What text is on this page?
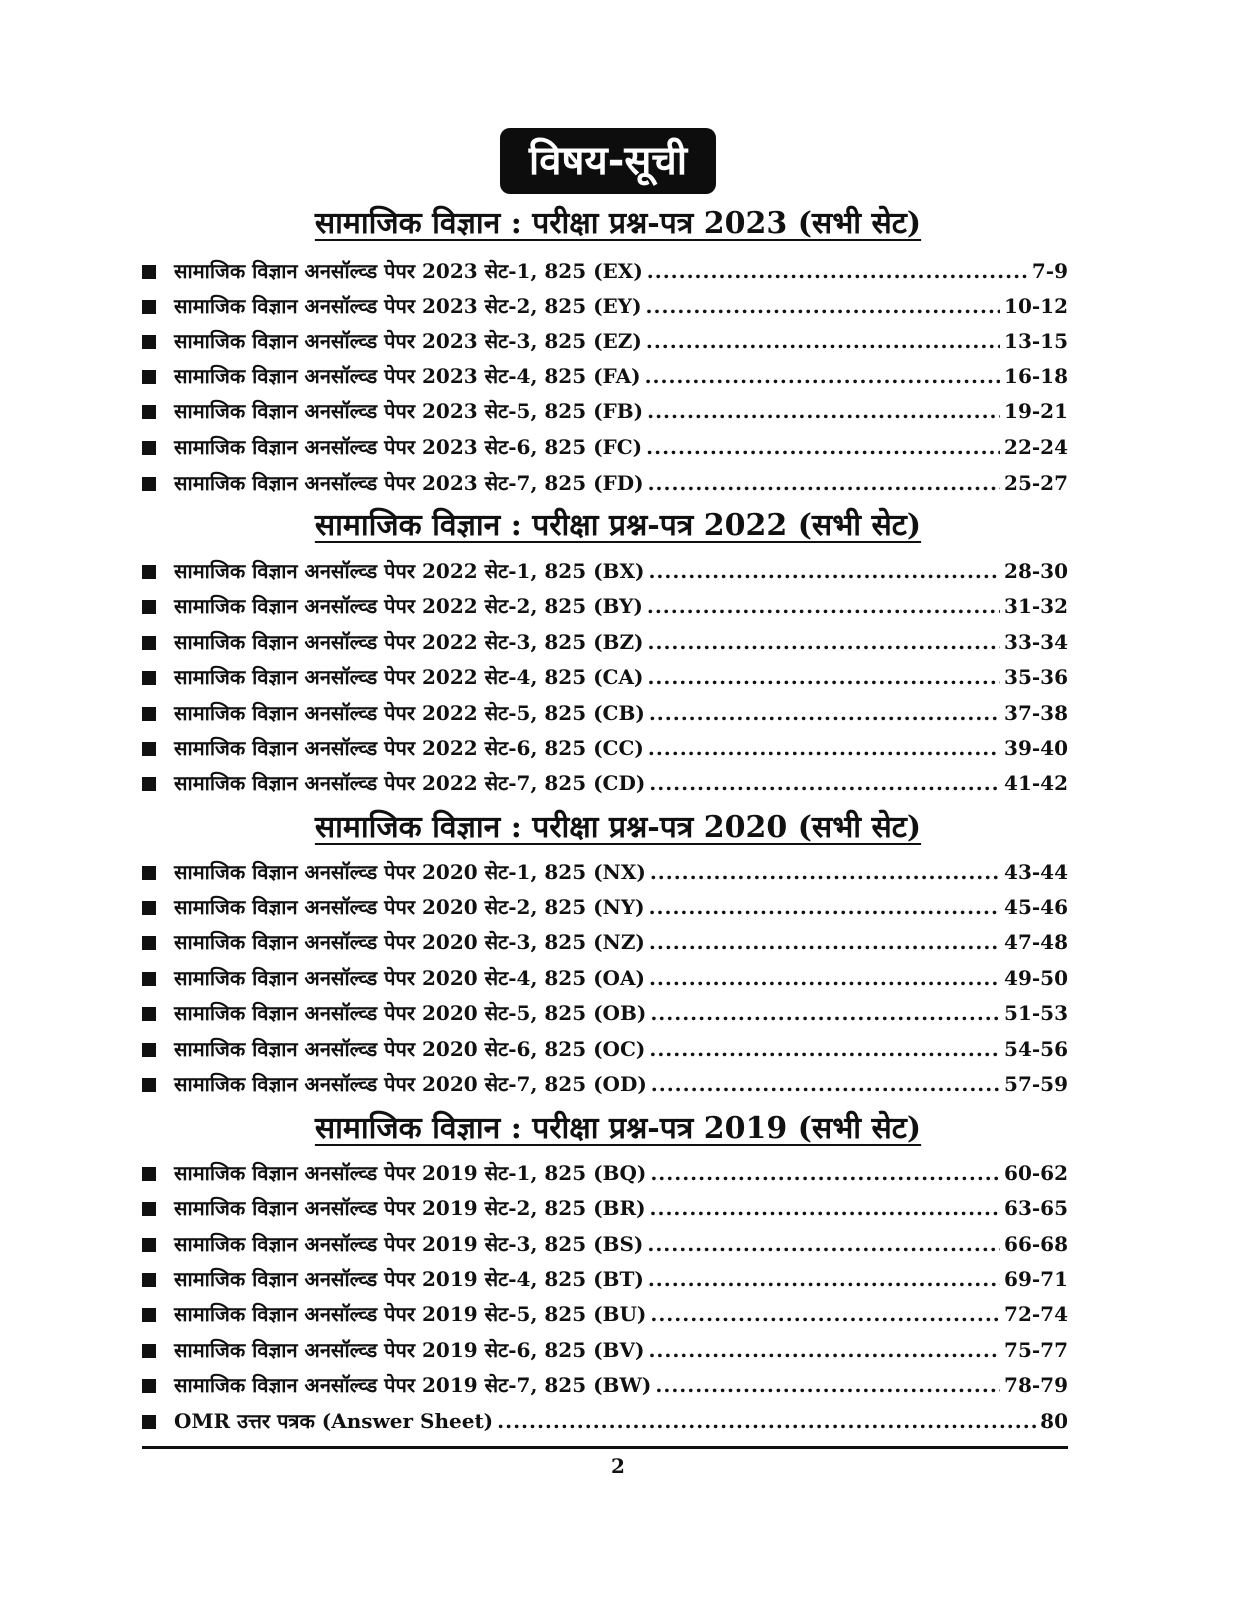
विषय-सूची
सामाजिक विज्ञान : परीक्षा प्रश्न-पत्र 2023 (सभी सेट)
सामाजिक विज्ञान अनसॉल्व्ड पेपर 2023 सेट-1, 825 (EX) .....	7-9
सामाजिक विज्ञान अनसॉल्व्ड पेपर 2023 सेट-2, 825 (EY) .....	10-12
सामाजिक विज्ञान अनसॉल्व्ड पेपर 2023 सेट-3, 825 (EZ) .....	13-15
सामाजिक विज्ञान अनसॉल्व्ड पेपर 2023 सेट-4, 825 (FA) .....	16-18
सामाजिक विज्ञान अनसॉल्व्ड पेपर 2023 सेट-5, 825 (FB) .....	19-21
सामाजिक विज्ञान अनसॉल्व्ड पेपर 2023 सेट-6, 825 (FC) .....	22-24
सामाजिक विज्ञान अनसॉल्व्ड पेपर 2023 सेट-7, 825 (FD) .....	25-27
सामाजिक विज्ञान : परीक्षा प्रश्न-पत्र 2022 (सभी सेट)
सामाजिक विज्ञान अनसॉल्व्ड पेपर 2022 सेट-1, 825 (BX) .....	28-30
सामाजिक विज्ञान अनसॉल्व्ड पेपर 2022 सेट-2, 825 (BY) .....	31-32
सामाजिक विज्ञान अनसॉल्व्ड पेपर 2022 सेट-3, 825 (BZ) .....	33-34
सामाजिक विज्ञान अनसॉल्व्ड पेपर 2022 सेट-4, 825 (CA) .....	35-36
सामाजिक विज्ञान अनसॉल्व्ड पेपर 2022 सेट-5, 825 (CB) .....	37-38
सामाजिक विज्ञान अनसॉल्व्ड पेपर 2022 सेट-6, 825 (CC) .....	39-40
सामाजिक विज्ञान अनसॉल्व्ड पेपर 2022 सेट-7, 825 (CD) .....	41-42
सामाजिक विज्ञान : परीक्षा प्रश्न-पत्र 2020 (सभी सेट)
सामाजिक विज्ञान अनसॉल्व्ड पेपर 2020 सेट-1, 825 (NX) .....	43-44
सामाजिक विज्ञान अनसॉल्व्ड पेपर 2020 सेट-2, 825 (NY) .....	45-46
सामाजिक विज्ञान अनसॉल्व्ड पेपर 2020 सेट-3, 825 (NZ) .....	47-48
सामाजिक विज्ञान अनसॉल्व्ड पेपर 2020 सेट-4, 825 (OA) .....	49-50
सामाजिक विज्ञान अनसॉल्व्ड पेपर 2020 सेट-5, 825 (OB) .....	51-53
सामाजिक विज्ञान अनसॉल्व्ड पेपर 2020 सेट-6, 825 (OC) .....	54-56
सामाजिक विज्ञान अनसॉल्व्ड पेपर 2020 सेट-7, 825 (OD) .....	57-59
सामाजिक विज्ञान : परीक्षा प्रश्न-पत्र 2019 (सभी सेट)
सामाजिक विज्ञान अनसॉल्व्ड पेपर 2019 सेट-1, 825 (BQ) .....	60-62
सामाजिक विज्ञान अनसॉल्व्ड पेपर 2019 सेट-2, 825 (BR) .....	63-65
सामाजिक विज्ञान अनसॉल्व्ड पेपर 2019 सेट-3, 825 (BS) .....	66-68
सामाजिक विज्ञान अनसॉल्व्ड पेपर 2019 सेट-4, 825 (BT) .....	69-71
सामाजिक विज्ञान अनसॉल्व्ड पेपर 2019 सेट-5, 825 (BU) .....	72-74
सामाजिक विज्ञान अनसॉल्व्ड पेपर 2019 सेट-6, 825 (BV) .....	75-77
सामाजिक विज्ञान अनसॉल्व्ड पेपर 2019 सेट-7, 825 (BW) .....	78-79
OMR उत्तर पत्रक (Answer Sheet) .....	80
2
